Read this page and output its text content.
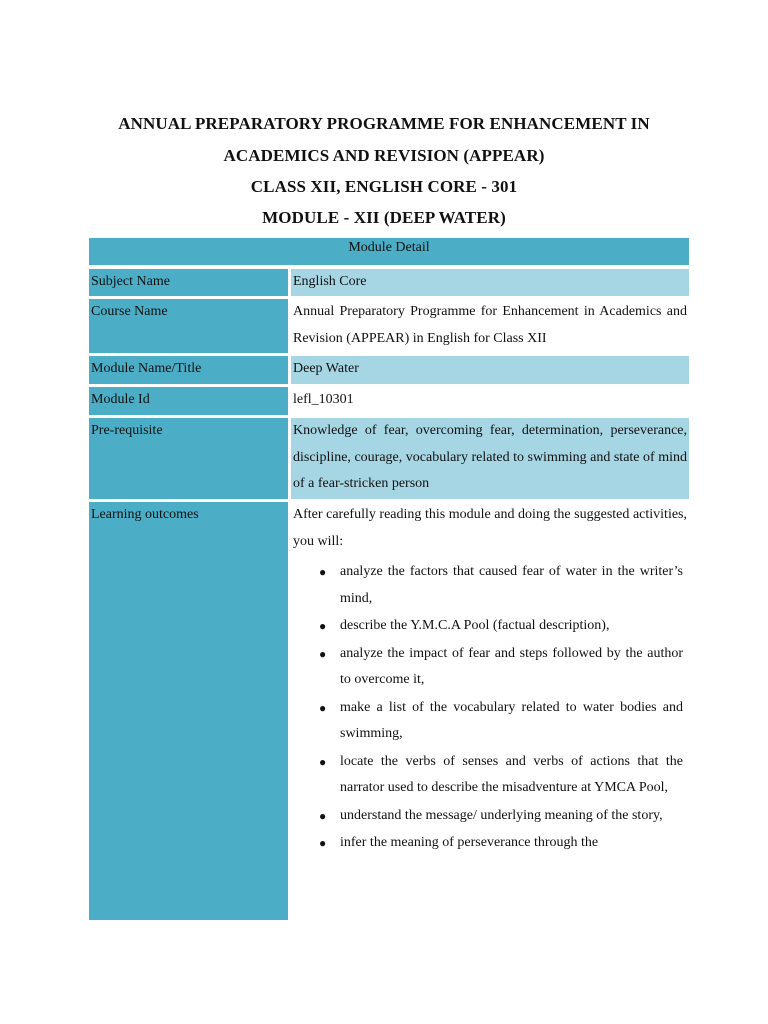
ANNUAL PREPARATORY PROGRAMME FOR ENHANCEMENT IN
ACADEMICS AND REVISION (APPEAR)
CLASS XII, ENGLISH CORE - 301
MODULE - XII (DEEP WATER)
Module Detail
Subject Name	English Core
Course Name	Annual Preparatory Programme for Enhancement in Academics and Revision (APPEAR) in English for Class XII
Module Name/Title	Deep Water
Module Id	lefl_10301
Pre-requisite	Knowledge of fear, overcoming fear, determination, perseverance, discipline, courage, vocabulary related to swimming and state of mind of a fear-stricken person
Learning outcomes	After carefully reading this module and doing the suggested activities, you will:
● analyze the factors that caused fear of water in the writer’s mind,
● describe the Y.M.C.A Pool (factual description),
● analyze the impact of fear and steps followed by the author to overcome it,
● make a list of the vocabulary related to water bodies and swimming,
● locate the verbs of senses and verbs of actions that the narrator used to describe the misadventure at YMCA Pool,
● understand the message/ underlying meaning of the story,
● infer the meaning of perseverance through the
